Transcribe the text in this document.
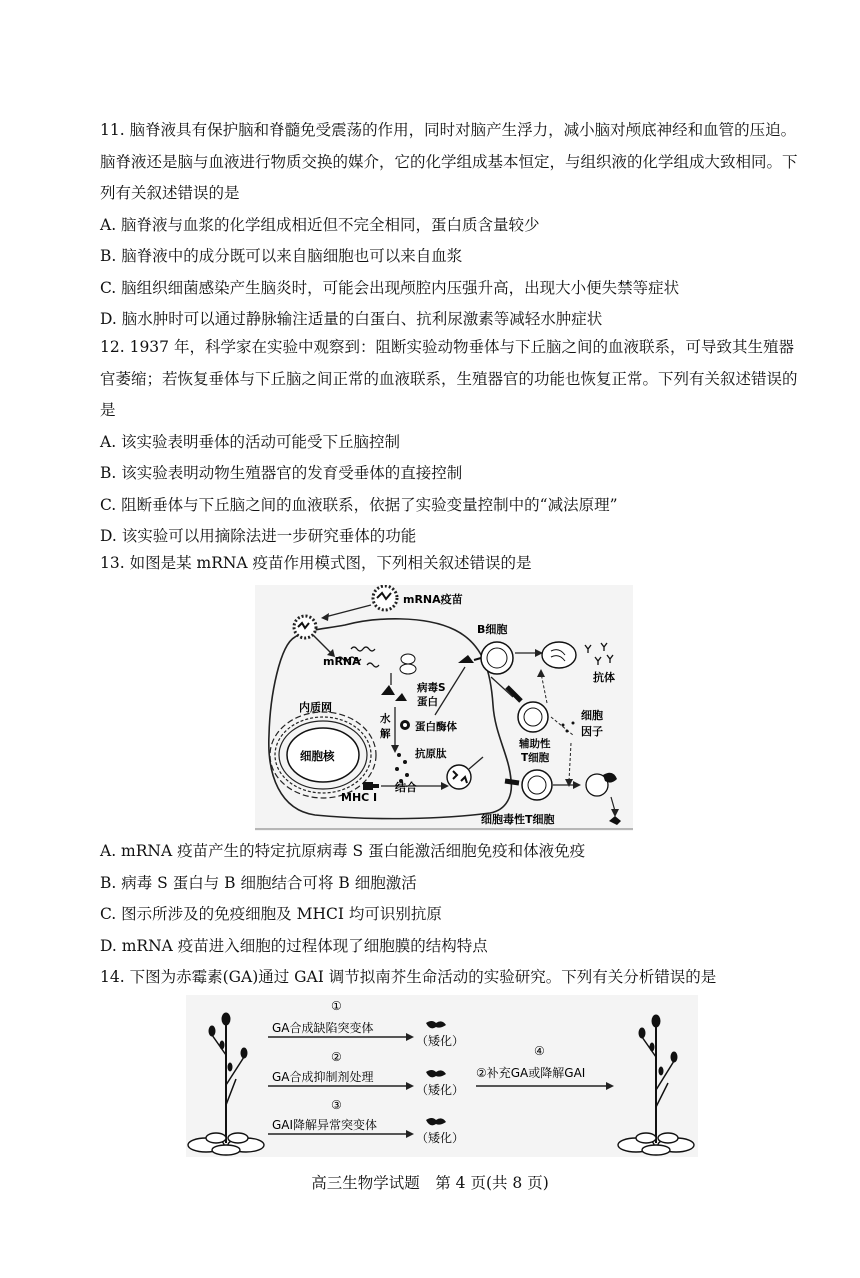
11. 脑脊液具有保护脑和脊髓免受震荡的作用，同时对脑产生浮力，减小脑对颅底神经和血管的压迫。脑脊液还是脑与血液进行物质交换的媒介，它的化学组成基本恒定，与组织液的化学组成大致相同。下列有关叙述错误的是
A. 脑脊液与血浆的化学组成相近但不完全相同，蛋白质含量较少
B. 脑脊液中的成分既可以来自脑细胞也可以来自血浆
C. 脑组织细菌感染产生脑炎时，可能会出现颅腔内压强升高，出现大小便失禁等症状
D. 脑水肿时可以通过静脉输注适量的白蛋白、抗利尿激素等减轻水肿症状
12. 1937 年，科学家在实验中观察到：阻断实验动物垂体与下丘脑之间的血液联系，可导致其生殖器官萎缩；若恢复垂体与下丘脑之间正常的血液联系，生殖器官的功能也恢复正常。下列有关叙述错误的是
A. 该实验表明垂体的活动可能受下丘脑控制
B. 该实验表明动物生殖器官的发育受垂体的直接控制
C. 阻断垂体与下丘脑之间的血液联系，依据了实验变量控制中的“减法原理”
D. 该实验可以用摘除法进一步研究垂体的功能
13. 如图是某 mRNA 疫苗作用模式图，下列相关叙述错误的是
mRNA疫苗
mRNA
病毒S
蛋白
水
解
蛋白酶体
抗原肽
内质网
细胞核
MHC Ⅰ
结合
B细胞
抗体
辅助性
T细胞
细胞
因子
细胞毒性T细胞
A. mRNA 疫苗产生的特定抗原病毒 S 蛋白能激活细胞免疫和体液免疫
B. 病毒 S 蛋白与 B 细胞结合可将 B 细胞激活
C. 图示所涉及的免疫细胞及 MHCI 均可识别抗原
D. mRNA 疫苗进入细胞的过程体现了细胞膜的结构特点
14. 下图为赤霉素(GA)通过 GAI 调节拟南芥生命活动的实验研究。下列有关分析错误的是
①
GA合成缺陷突变体
②
GA合成抑制剂处理
③
GAI降解异常突变体
（矮化）
（矮化）
（矮化）
④
②补充GA或降解GAI
高三生物学试题　第 4 页(共 8 页)
